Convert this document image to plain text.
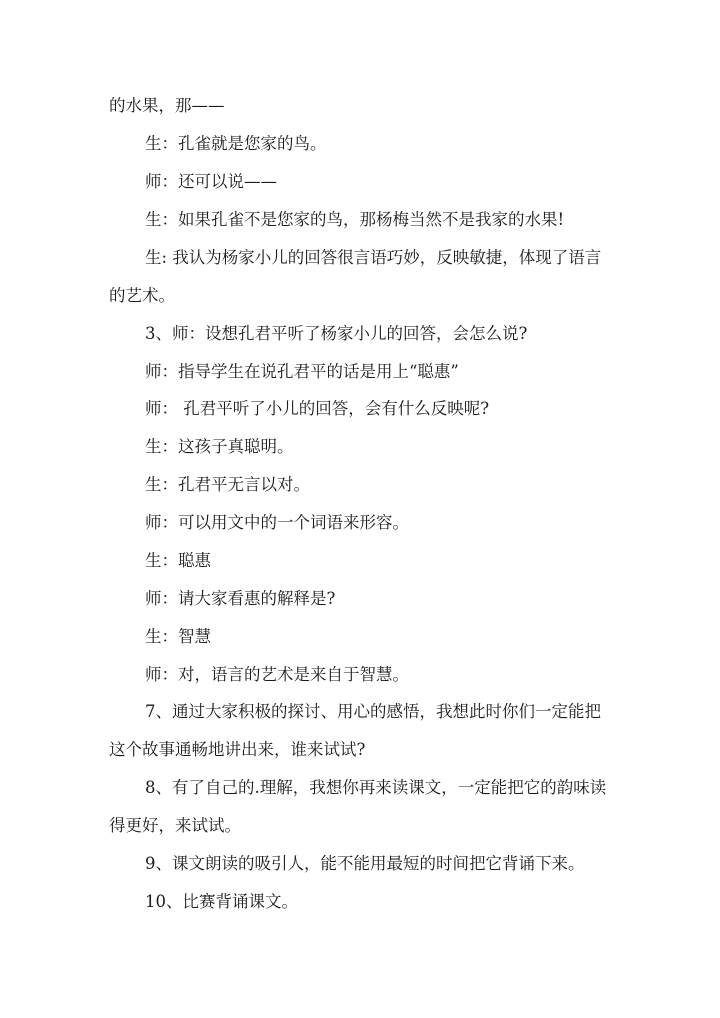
的水果，那——
生：孔雀就是您家的鸟。
师：还可以说——
生：如果孔雀不是您家的鸟，那杨梅当然不是我家的水果!
生: 我认为杨家小儿的回答很言语巧妙，反映敏捷，体现了语言
的艺术。
3、师：设想孔君平听了杨家小儿的回答，会怎么说?
师：指导学生在说孔君平的话是用上“聪惠”
师： 孔君平听了小儿的回答，会有什么反映呢?
生：这孩子真聪明。
生：孔君平无言以对。
师：可以用文中的一个词语来形容。
生：聪惠
师：请大家看惠的解释是?
生：智慧
师：对，语言的艺术是来自于智慧。
7、通过大家积极的探讨、用心的感悟，我想此时你们一定能把
这个故事通畅地讲出来，谁来试试?
8、有了自己的.理解，我想你再来读课文，一定能把它的韵味读
得更好，来试试。
9、课文朗读的吸引人，能不能用最短的时间把它背诵下来。
10、比赛背诵课文。
